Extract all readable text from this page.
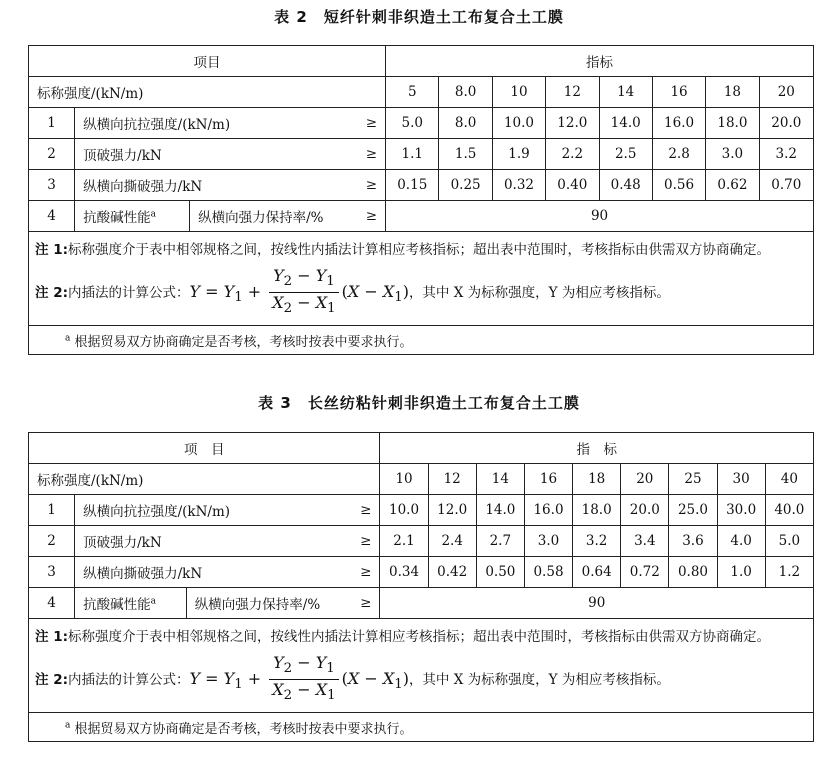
表 2　短纤针刺非织造土工布复合土工膜
项目				指标							
标称强度/(kN/m)				5	8.0	10	12	14	16	18	20
1	纵横向抗拉强度/(kN/m)		≥	5.0	8.0	10.0	12.0	14.0	16.0	18.0	20.0
2	顶破强力/kN		≥	1.1	1.5	1.9	2.2	2.5	2.8	3.0	3.2
3	纵横向撕破强力/kN		≥	0.15	0.25	0.32	0.40	0.48	0.56	0.62	0.70
4	抗酸碱性能$^a$	纵横向强力保持率/%	≥	90							

注 1:标称强度介于表中相邻规格之间，按线性内插法计算相应考核指标；超出表中范围时，考核指标由供需双方协商确定。
注 2:内插法的计算公式：$Y = Y_1 + \frac{Y_2 - Y_1}{X_2 - X_1} (X - X_1)$，其中 X 为标称强度，Y 为相应考核指标。											

$^a$ 根据贸易双方协商确定是否考核，考核时按表中要求执行。											
表 3　长丝纺粘针刺非织造土工布复合土工膜
项　目				指　标								
标称强度/(kN/m)				10	12	14	16	18	20	25	30	40
1	纵横向抗拉强度/(kN/m)		≥	10.0	12.0	14.0	16.0	18.0	20.0	25.0	30.0	40.0
2	顶破强力/kN		≥	2.1	2.4	2.7	3.0	3.2	3.4	3.6	4.0	5.0
3	纵横向撕破强力/kN		≥	0.34	0.42	0.50	0.58	0.64	0.72	0.80	1.0	1.2
4	抗酸碱性能$^a$	纵横向强力保持率/%	≥	90								

注 1:标称强度介于表中相邻规格之间，按线性内插法计算相应考核指标；超出表中范围时，考核指标由供需双方协商确定。
注 2:内插法的计算公式：$Y = Y_1 + \frac{Y_2 - Y_1}{X_2 - X_1} (X - X_1)$，其中 X 为标称强度，Y 为相应考核指标。												

$^a$ 根据贸易双方协商确定是否考核，考核时按表中要求执行。												
